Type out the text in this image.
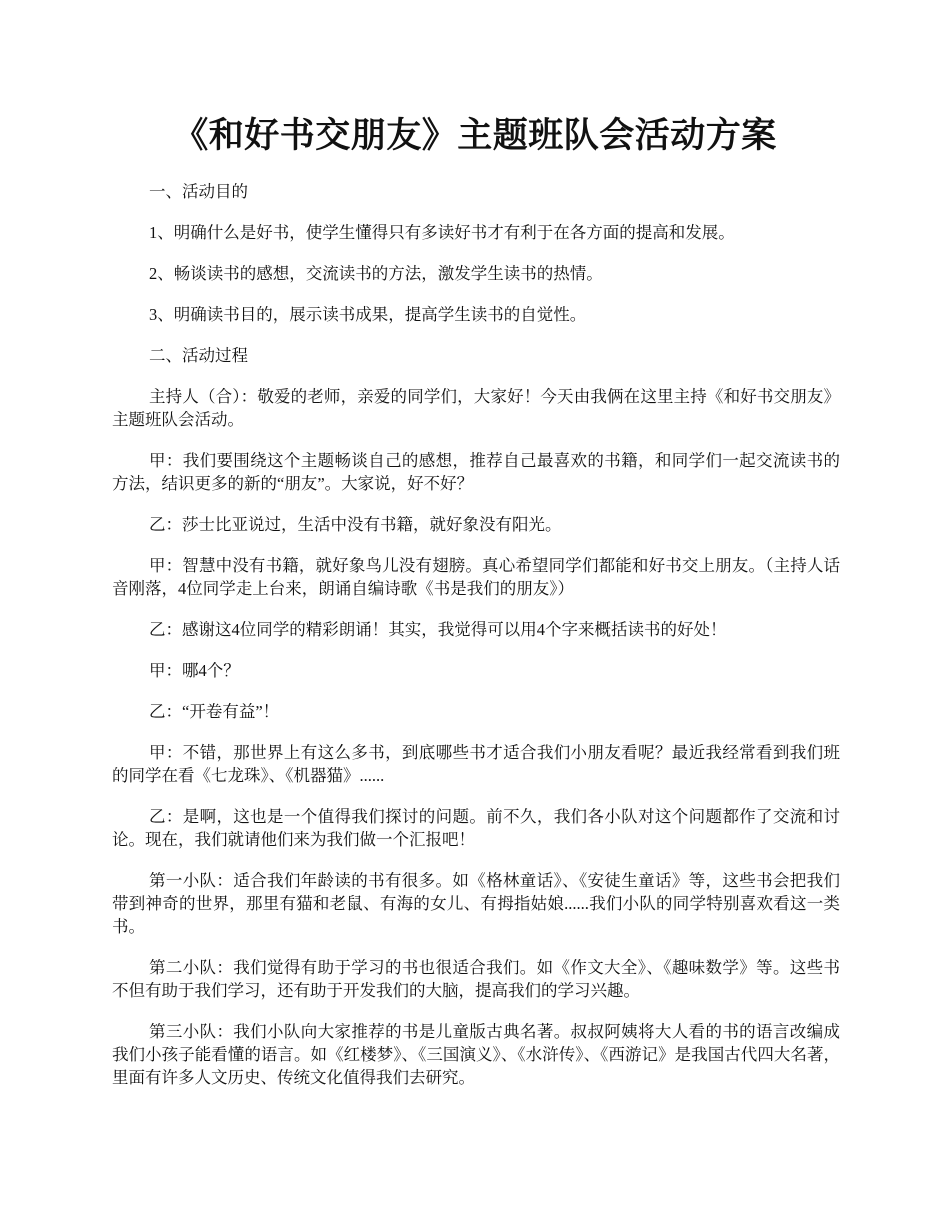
《和好书交朋友》主题班队会活动方案

一、活动目的

1、明确什么是好书，使学生懂得只有多读好书才有利于在各方面的提高和发展。

2、畅谈读书的感想，交流读书的方法，激发学生读书的热情。

3、明确读书目的，展示读书成果，提高学生读书的自觉性。

二、活动过程

主持人（合）：敬爱的老师，亲爱的同学们，大家好！今天由我俩在这里主持《和好书交朋友》主题班队会活动。

甲：我们要围绕这个主题畅谈自己的感想，推荐自己最喜欢的书籍，和同学们一起交流读书的方法，结识更多的新的“朋友”。大家说，好不好？

乙：莎士比亚说过，生活中没有书籍，就好象没有阳光。

甲：智慧中没有书籍，就好象鸟儿没有翅膀。真心希望同学们都能和好书交上朋友。（主持人话音刚落，4位同学走上台来，朗诵自编诗歌《书是我们的朋友》）

乙：感谢这4位同学的精彩朗诵！其实，我觉得可以用4个字来概括读书的好处！

甲：哪4个？

乙：“开卷有益”！

甲：不错，那世界上有这么多书，到底哪些书才适合我们小朋友看呢？最近我经常看到我们班的同学在看《七龙珠》、《机器猫》......

乙：是啊，这也是一个值得我们探讨的问题。前不久，我们各小队对这个问题都作了交流和讨论。现在，我们就请他们来为我们做一个汇报吧！

第一小队：适合我们年龄读的书有很多。如《格林童话》、《安徒生童话》等，这些书会把我们带到神奇的世界，那里有猫和老鼠、有海的女儿、有拇指姑娘......我们小队的同学特别喜欢看这一类书。

第二小队：我们觉得有助于学习的书也很适合我们。如《作文大全》、《趣味数学》等。这些书不但有助于我们学习，还有助于开发我们的大脑，提高我们的学习兴趣。

第三小队：我们小队向大家推荐的书是儿童版古典名著。叔叔阿姨将大人看的书的语言改编成我们小孩子能看懂的语言。如《红楼梦》、《三国演义》、《水浒传》、《西游记》是我国古代四大名著，里面有许多人文历史、传统文化值得我们去研究。
